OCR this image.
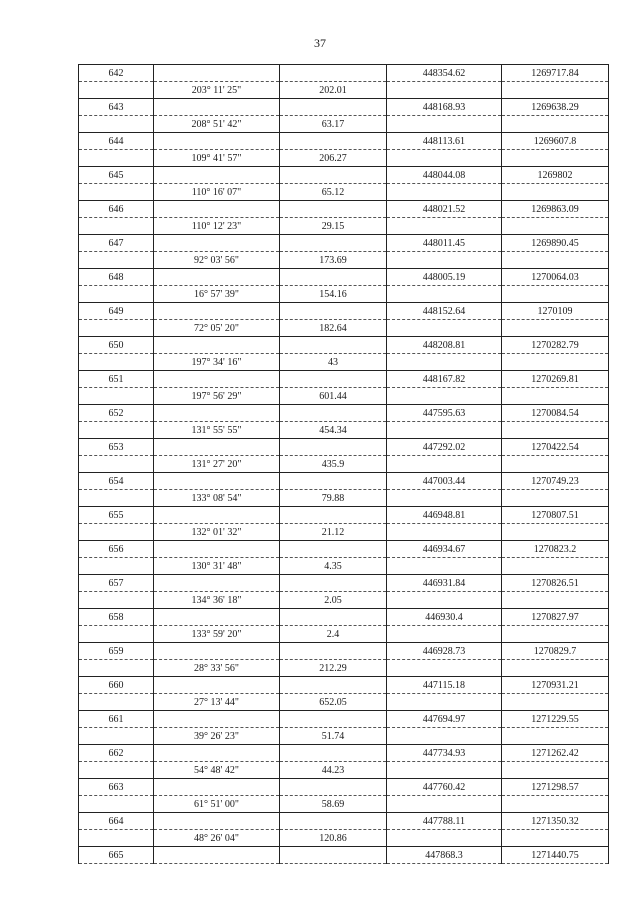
37
642			448354.62	1269717.84
	203° 11' 25"	202.01		
643			448168.93	1269638.29
	208° 51' 42"	63.17		
644			448113.61	1269607.8
	109° 41' 57"	206.27		
645			448044.08	1269802
	110° 16' 07"	65.12		
646			448021.52	1269863.09
	110° 12' 23"	29.15		
647			448011.45	1269890.45
	92° 03' 56"	173.69		
648			448005.19	1270064.03
	16° 57' 39"	154.16		
649			448152.64	1270109
	72° 05' 20"	182.64		
650			448208.81	1270282.79
	197° 34' 16"	43		
651			448167.82	1270269.81
	197° 56' 29"	601.44		
652			447595.63	1270084.54
	131° 55' 55"	454.34		
653			447292.02	1270422.54
	131° 27' 20"	435.9		
654			447003.44	1270749.23
	133° 08' 54"	79.88		
655			446948.81	1270807.51
	132° 01' 32"	21.12		
656			446934.67	1270823.2
	130° 31' 48"	4.35		
657			446931.84	1270826.51
	134° 36' 18"	2.05		
658			446930.4	1270827.97
	133° 59' 20"	2.4		
659			446928.73	1270829.7
	28° 33' 56"	212.29		
660			447115.18	1270931.21
	27° 13' 44"	652.05		
661			447694.97	1271229.55
	39° 26' 23"	51.74		
662			447734.93	1271262.42
	54° 48' 42"	44.23		
663			447760.42	1271298.57
	61° 51' 00"	58.69		
664			447788.11	1271350.32
	48° 26' 04"	120.86		
665			447868.3	1271440.75
